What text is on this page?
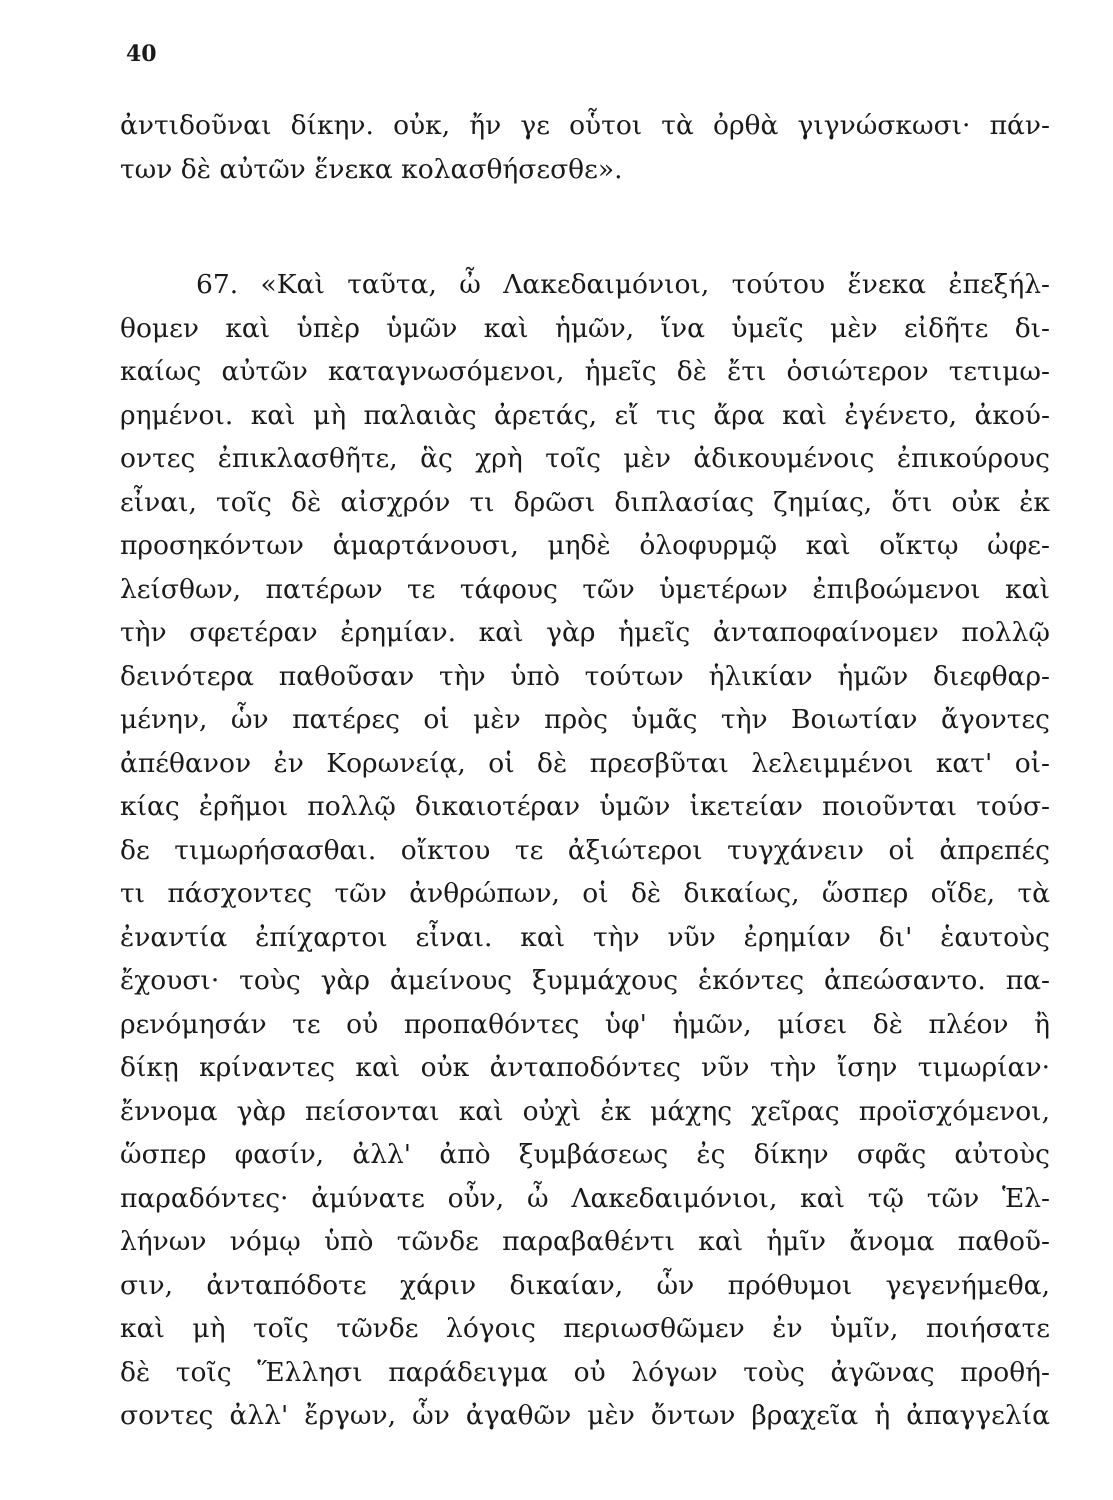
40
ἀντιδοῦναι δίκην. οὐκ, ἤν γε οὗτοι τὰ ὀρθὰ γιγνώσκωσι· πάν-
των δὲ αὐτῶν ἕνεκα κολασθήσεσθε».
67. «Καὶ ταῦτα, ὦ Λακεδαιμόνιοι, τούτου ἕνεκα ἐπεξήλ-
θομεν καὶ ὑπὲρ ὑμῶν καὶ ἡμῶν, ἵνα ὑμεῖς μὲν εἰδῆτε δι-
καίως αὐτῶν καταγνωσόμενοι, ἡμεῖς δὲ ἔτι ὁσιώτερον τετιμω-
ρημένοι. καὶ μὴ παλαιὰς ἀρετάς, εἴ τις ἄρα καὶ ἐγένετο, ἀκού-
οντες ἐπικλασθῆτε, ἃς χρὴ τοῖς μὲν ἀδικουμένοις ἐπικούρους
εἶναι, τοῖς δὲ αἰσχρόν τι δρῶσι διπλασίας ζημίας, ὅτι οὐκ ἐκ
προσηκόντων ἁμαρτάνουσι, μηδὲ ὀλοφυρμῷ καὶ οἴκτῳ ὠφε-
λείσθων, πατέρων τε τάφους τῶν ὑμετέρων ἐπιβοώμενοι καὶ
τὴν σφετέραν ἐρημίαν. καὶ γὰρ ἡμεῖς ἀνταποφαίνομεν πολλῷ
δεινότερα παθοῦσαν τὴν ὑπὸ τούτων ἡλικίαν ἡμῶν διεφθαρ-
μένην, ὧν πατέρες οἱ μὲν πρὸς ὑμᾶς τὴν Βοιωτίαν ἄγοντες
ἀπέθανον ἐν Κορωνείᾳ, οἱ δὲ πρεσβῦται λελειμμένοι κατ' οἰ-
κίας ἐρῆμοι πολλῷ δικαιοτέραν ὑμῶν ἱκετείαν ποιοῦνται τούσ-
δε τιμωρήσασθαι. οἴκτου τε ἀξιώτεροι τυγχάνειν οἱ ἀπρεπές
τι πάσχοντες τῶν ἀνθρώπων, οἱ δὲ δικαίως, ὥσπερ οἵδε, τὰ
ἐναντία ἐπίχαρτοι εἶναι. καὶ τὴν νῦν ἐρημίαν δι' ἑαυτοὺς
ἔχουσι· τοὺς γὰρ ἀμείνους ξυμμάχους ἑκόντες ἀπεώσαντο. πα-
ρενόμησάν τε οὐ προπαθόντες ὑφ' ἡμῶν, μίσει δὲ πλέον ἢ
δίκῃ κρίναντες καὶ οὐκ ἀνταποδόντες νῦν τὴν ἴσην τιμωρίαν·
ἔννομα γὰρ πείσονται καὶ οὐχὶ ἐκ μάχης χεῖρας προϊσχόμενοι,
ὥσπερ φασίν, ἀλλ' ἀπὸ ξυμβάσεως ἐς δίκην σφᾶς αὐτοὺς
παραδόντες· ἀμύνατε οὖν, ὦ Λακεδαιμόνιοι, καὶ τῷ τῶν Ἑλ-
λήνων νόμῳ ὑπὸ τῶνδε παραβαθέντι καὶ ἡμῖν ἄνομα παθοῦ-
σιν, ἀνταπόδοτε χάριν δικαίαν, ὧν πρόθυμοι γεγενήμεθα,
καὶ μὴ τοῖς τῶνδε λόγοις περιωσθῶμεν ἐν ὑμῖν, ποιήσατε
δὲ τοῖς Ἕλλησι παράδειγμα οὐ λόγων τοὺς ἀγῶνας προθή-
σοντες ἀλλ' ἔργων, ὧν ἀγαθῶν μὲν ὄντων βραχεῖα ἡ ἀπαγγελία
